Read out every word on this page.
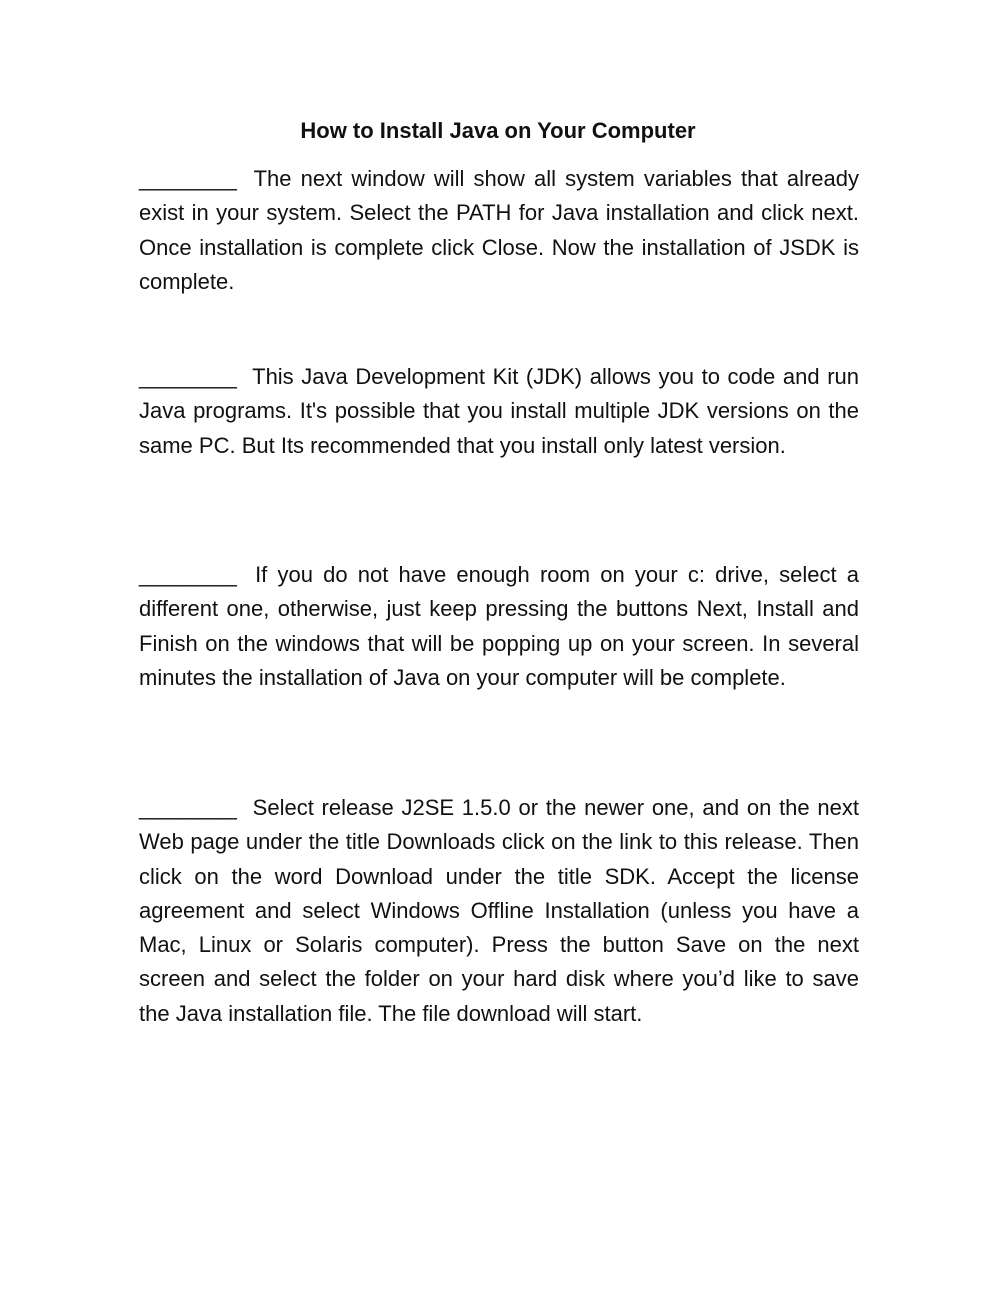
How to Install Java on Your Computer

________ The next window will show all system variables that already exist in your system. Select the PATH for Java installation and click next. Once installation is complete click Close. Now the installation of JSDK is complete.

________ This Java Development Kit (JDK) allows you to code and run Java programs. It's possible that you install multiple JDK versions on the same PC. But Its recommended that you install only latest version.

________ If you do not have enough room on your c: drive, select a different one, otherwise, just keep pressing the buttons Next, Install and Finish on the windows that will be popping up on your screen. In several minutes the installation of Java on your computer will be complete.

________ Select release J2SE 1.5.0 or the newer one, and on the next Web page under the title Downloads click on the link to this release. Then click on the word Download under the title SDK. Accept the license agreement and select Windows Offline Installation (unless you have a Mac, Linux or Solaris computer). Press the button Save on the next screen and select the folder on your hard disk where you’d like to save the Java installation file. The file download will start.
